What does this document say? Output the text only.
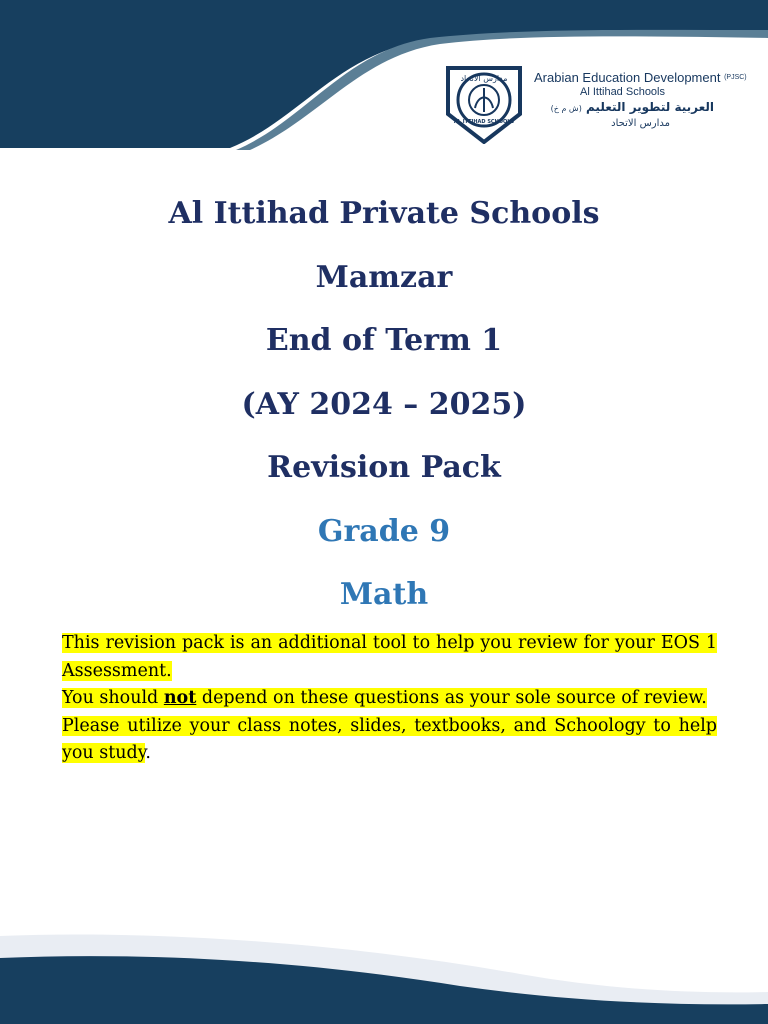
مدارس الاتحاد
AL ITTIHAD SCHOOLS
Arabian Education Development $^{(PJSC)}$
Al Ittihad Schools
العربية لتطوير التعليم (ش م خ)
مدارس الاتحاد

Al Ittihad Private Schools

Mamzar

End of Term 1

(AY 2024 – 2025)

Revision Pack

Grade 9

Math

This revision pack is an additional tool to help you review for your EOS 1 Assessment.

You should not depend on these questions as your sole source of review.

Please utilize your class notes, slides, textbooks, and Schoology to help you study.
